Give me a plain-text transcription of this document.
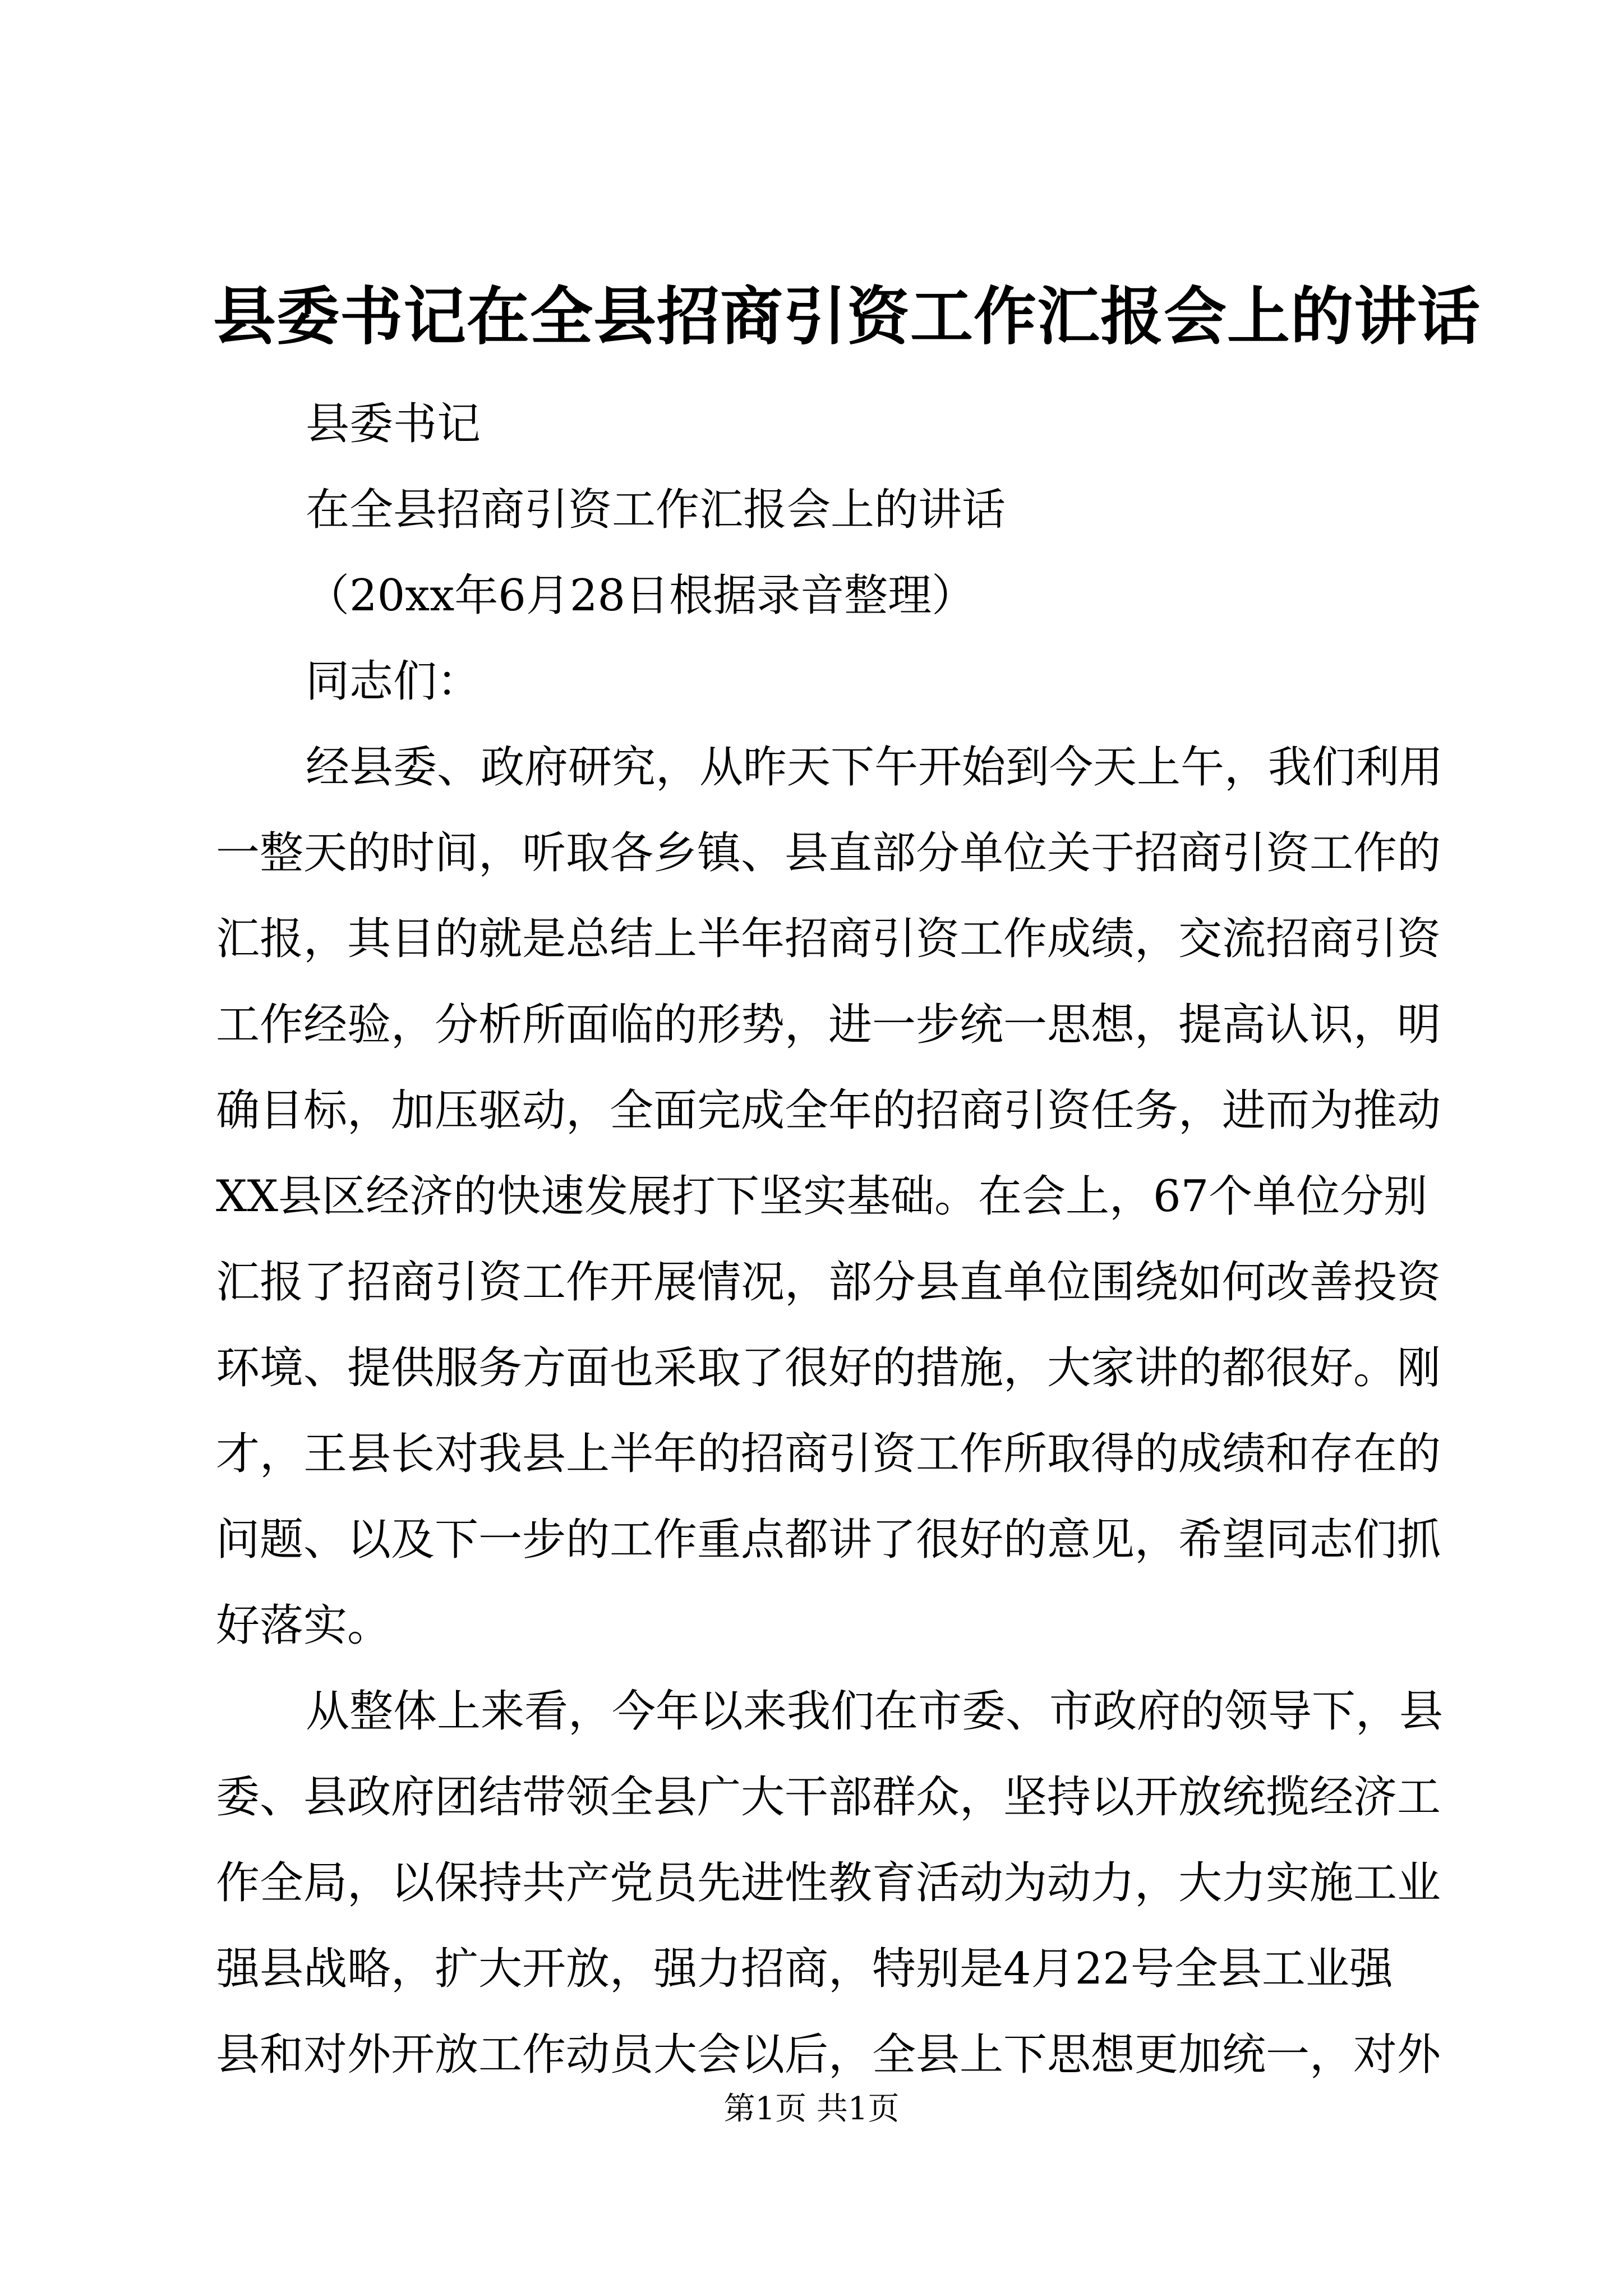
县委书记在全县招商引资工作汇报会上的讲话
县委书记
在全县招商引资工作汇报会上的讲话
（20xx年6月28日根据录音整理）
同志们：
经县委、政府研究，从昨天下午开始到今天上午，我们利用
一整天的时间，听取各乡镇、县直部分单位关于招商引资工作的
汇报，其目的就是总结上半年招商引资工作成绩，交流招商引资
工作经验，分析所面临的形势，进一步统一思想，提高认识，明
确目标，加压驱动，全面完成全年的招商引资任务，进而为推动
XX县区经济的快速发展打下坚实基础。在会上，67个单位分别
汇报了招商引资工作开展情况，部分县直单位围绕如何改善投资
环境、提供服务方面也采取了很好的措施，大家讲的都很好。刚
才，王县长对我县上半年的招商引资工作所取得的成绩和存在的
问题、以及下一步的工作重点都讲了很好的意见，希望同志们抓
好落实。
从整体上来看，今年以来我们在市委、市政府的领导下，县
委、县政府团结带领全县广大干部群众，坚持以开放统揽经济工
作全局，以保持共产党员先进性教育活动为动力，大力实施工业
强县战略，扩大开放，强力招商，特别是4月22号全县工业强
县和对外开放工作动员大会以后，全县上下思想更加统一，对外
第1页 共1页
